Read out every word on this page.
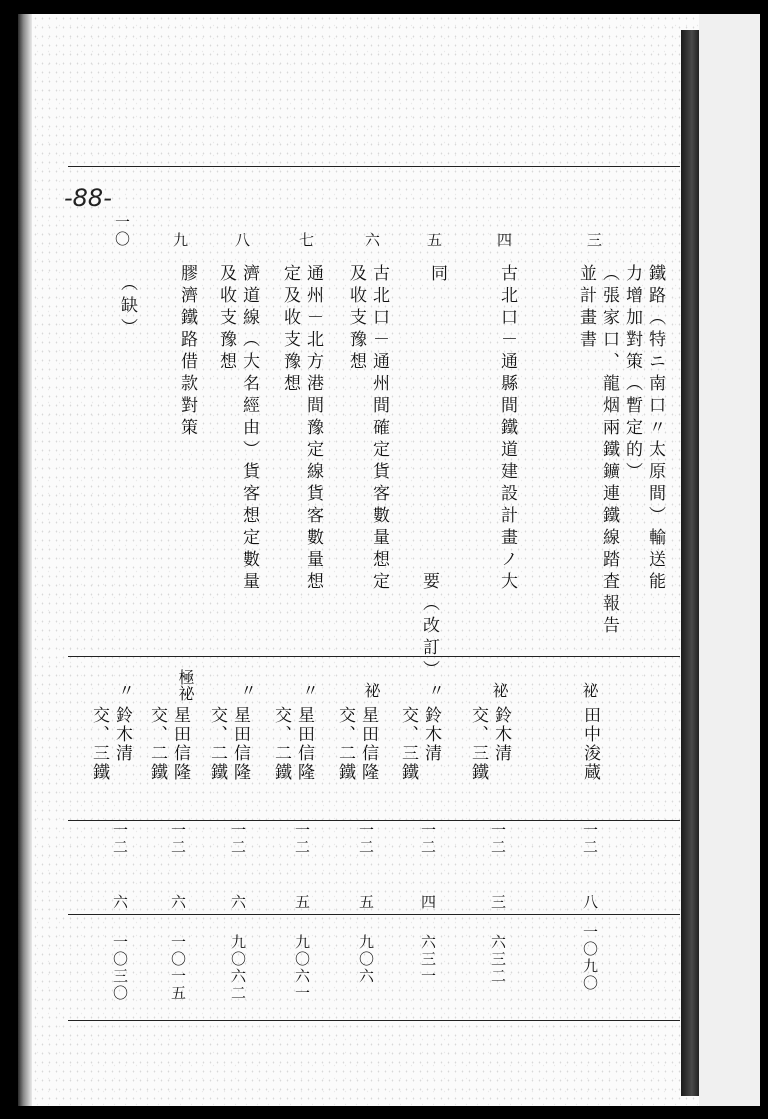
-88-
三
鐵路（特ニ南口〃太原間）輸送能
力增加對策（暫定的）
（張家口、龍烟兩鐵鑛連鐵線踏査報告
並計畫書
祕
田中浚蔵
一二
八
一〇九〇
四
古北口－通縣間鐵道建設計畫ノ大
要（改訂）
祕
鈴木清
交、三鐵
一二
三
六三二
五
同
〃
鈴木清
交、三鐵
一二
四
六三一
六
古北口－通州間確定貨客數量想定
及收支豫想
祕
星田信隆
交、二鐵
一二
五
九〇六
七
通州－北方港間豫定線貨客數量想
定及收支豫想
〃
星田信隆
交、二鐵
一二
五
九〇六一
八
濟道線（大名經由）貨客想定數量
及收支豫想
〃
星田信隆
交、二鐵
一二
六
九〇六二
九
膠濟鐵路借款對策
極祕
星田信隆
交、二鐵
一二
六
一〇一五
一〇
（缺）
〃
鈴木清
交、三鐵
一二
六
一〇三〇
